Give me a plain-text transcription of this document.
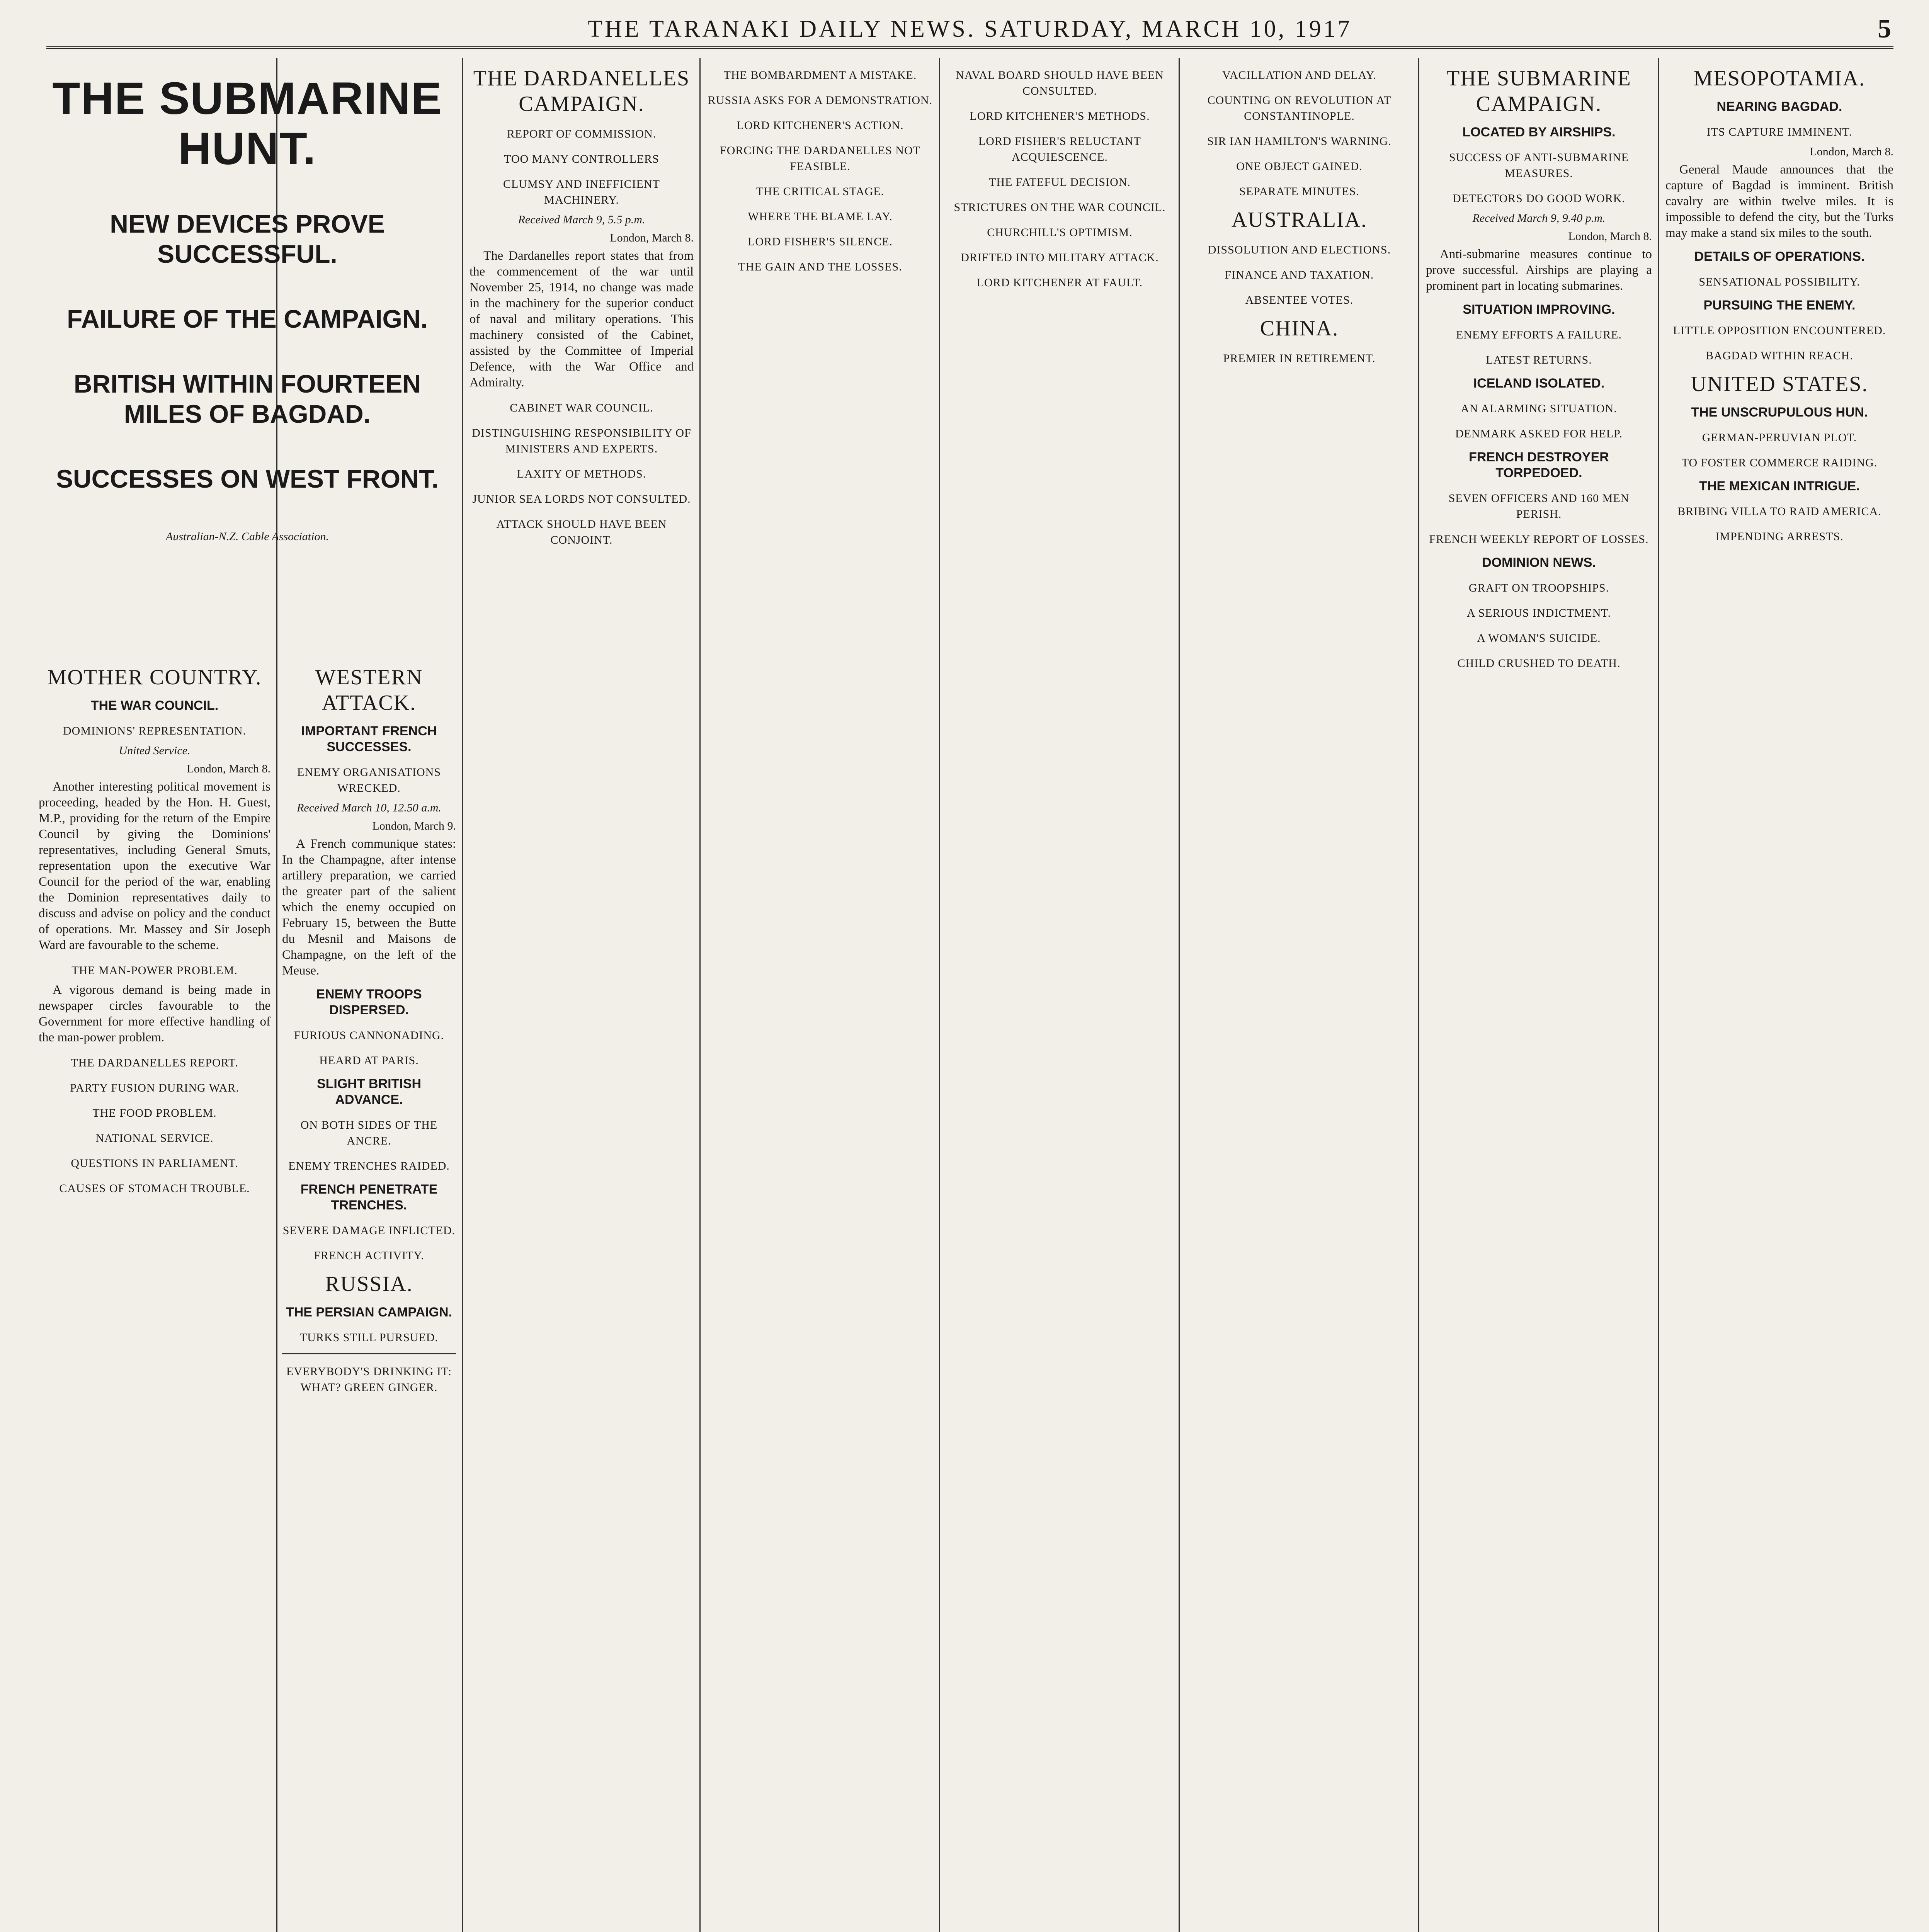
THE TARANAKI DAILY NEWS. SATURDAY, MARCH 10, 1917	5
THE SUBMARINE HUNT.
NEW DEVICES PROVE SUCCESSFUL.
FAILURE OF THE CAMPAIGN.
BRITISH WITHIN FOURTEEN MILES OF BAGDAD.
SUCCESSES ON WEST FRONT.
Australian-N.Z. Cable Association.
MOTHER COUNTRY.
THE WAR COUNCIL.
DOMINIONS' REPRESENTATION.
United Service.
London, March 8.

Another interesting political movement is proceeding, headed by the Hon. H. Guest, M.P., providing for the return of the Empire Council by giving the Dominions' representatives, including General Smuts, representation upon the executive War Council for the period of the war, enabling the Dominion representatives daily to discuss and advise on policy and the conduct of operations. Mr. Massey and Sir Joseph Ward are favourable to the scheme.

THE MAN-POWER PROBLEM.

A vigorous demand is being made in newspaper circles favourable to the Government for more effective handling of the man-power problem.

THE DARDANELLES REPORT.
PARTY FUSION DURING WAR.
THE FOOD PROBLEM.
NATIONAL SERVICE.
QUESTIONS IN PARLIAMENT.
CAUSES OF STOMACH TROUBLE.
WESTERN ATTACK.
IMPORTANT FRENCH SUCCESSES.
ENEMY ORGANISATIONS WRECKED.
Received March 10, 12.50 a.m.
London, March 9.

A French communique states: In the Champagne, after intense artillery preparation, we carried the greater part of the salient which the enemy occupied on February 15, between the Butte du Mesnil and Maisons de Champagne, on the left of the Meuse.

ENEMY TROOPS DISPERSED.
FURIOUS CANNONADING.
HEARD AT PARIS.
SLIGHT BRITISH ADVANCE.
ON BOTH SIDES OF THE ANCRE.
ENEMY TRENCHES RAIDED.
FRENCH PENETRATE TRENCHES.
SEVERE DAMAGE INFLICTED.
FRENCH ACTIVITY.
RUSSIA.
THE PERSIAN CAMPAIGN.
TURKS STILL PURSUED.
EVERYBODY'S DRINKING IT: WHAT? GREEN GINGER.
THE DARDANELLES CAMPAIGN.
REPORT OF COMMISSION.
TOO MANY CONTROLLERS
CLUMSY AND INEFFICIENT MACHINERY.
Received March 9, 5.5 p.m.
London, March 8.

The Dardanelles report states that from the commencement of the war until November 25, 1914, no change was made in the machinery for the superior conduct of naval and military operations. This machinery consisted of the Cabinet, assisted by the Committee of Imperial Defence, with the War Office and Admiralty.

CABINET WAR COUNCIL.
DISTINGUISHING RESPONSIBILITY OF MINISTERS AND EXPERTS.
LAXITY OF METHODS.
JUNIOR SEA LORDS NOT CONSULTED.
ATTACK SHOULD HAVE BEEN CONJOINT.
THE BOMBARDMENT A MISTAKE.
RUSSIA ASKS FOR A DEMONSTRATION.
LORD KITCHENER'S ACTION.
FORCING THE DARDANELLES NOT FEASIBLE.
THE CRITICAL STAGE.
WHERE THE BLAME LAY.
LORD FISHER'S SILENCE.
THE GAIN AND THE LOSSES.
NAVAL BOARD SHOULD HAVE BEEN CONSULTED.
LORD KITCHENER'S METHODS.
LORD FISHER'S RELUCTANT ACQUIESCENCE.
THE FATEFUL DECISION.
STRICTURES ON THE WAR COUNCIL.
CHURCHILL'S OPTIMISM.
DRIFTED INTO MILITARY ATTACK.
LORD KITCHENER AT FAULT.
VACILLATION AND DELAY.
COUNTING ON REVOLUTION AT CONSTANTINOPLE.
SIR IAN HAMILTON'S WARNING.
ONE OBJECT GAINED.
SEPARATE MINUTES.
AUSTRALIA.
DISSOLUTION AND ELECTIONS.
FINANCE AND TAXATION.
ABSENTEE VOTES.
CHINA.
PREMIER IN RETIREMENT.
THE SUBMARINE CAMPAIGN.
LOCATED BY AIRSHIPS.
SUCCESS OF ANTI-SUBMARINE MEASURES.
DETECTORS DO GOOD WORK.
Received March 9, 9.40 p.m.
London, March 8.

Anti-submarine measures continue to prove successful. Airships are playing a prominent part in locating submarines.

SITUATION IMPROVING.
ENEMY EFFORTS A FAILURE.
LATEST RETURNS.
ICELAND ISOLATED.
AN ALARMING SITUATION.
DENMARK ASKED FOR HELP.
FRENCH DESTROYER TORPEDOED.
SEVEN OFFICERS AND 160 MEN PERISH.
FRENCH WEEKLY REPORT OF LOSSES.
DOMINION NEWS.
GRAFT ON TROOPSHIPS.
A SERIOUS INDICTMENT.
A WOMAN'S SUICIDE.
CHILD CRUSHED TO DEATH.
MESOPOTAMIA.
NEARING BAGDAD.
ITS CAPTURE IMMINENT.
London, March 8.

General Maude announces that the capture of Bagdad is imminent. British cavalry are within twelve miles. It is impossible to defend the city, but the Turks may make a stand six miles to the south.

DETAILS OF OPERATIONS.
SENSATIONAL POSSIBILITY.
PURSUING THE ENEMY.
LITTLE OPPOSITION ENCOUNTERED.
BAGDAD WITHIN REACH.
UNITED STATES.
THE UNSCRUPULOUS HUN.
GERMAN-PERUVIAN PLOT.
TO FOSTER COMMERCE RAIDING.
THE MEXICAN INTRIGUE.
BRIBING VILLA TO RAID AMERICA.
IMPENDING ARRESTS.
